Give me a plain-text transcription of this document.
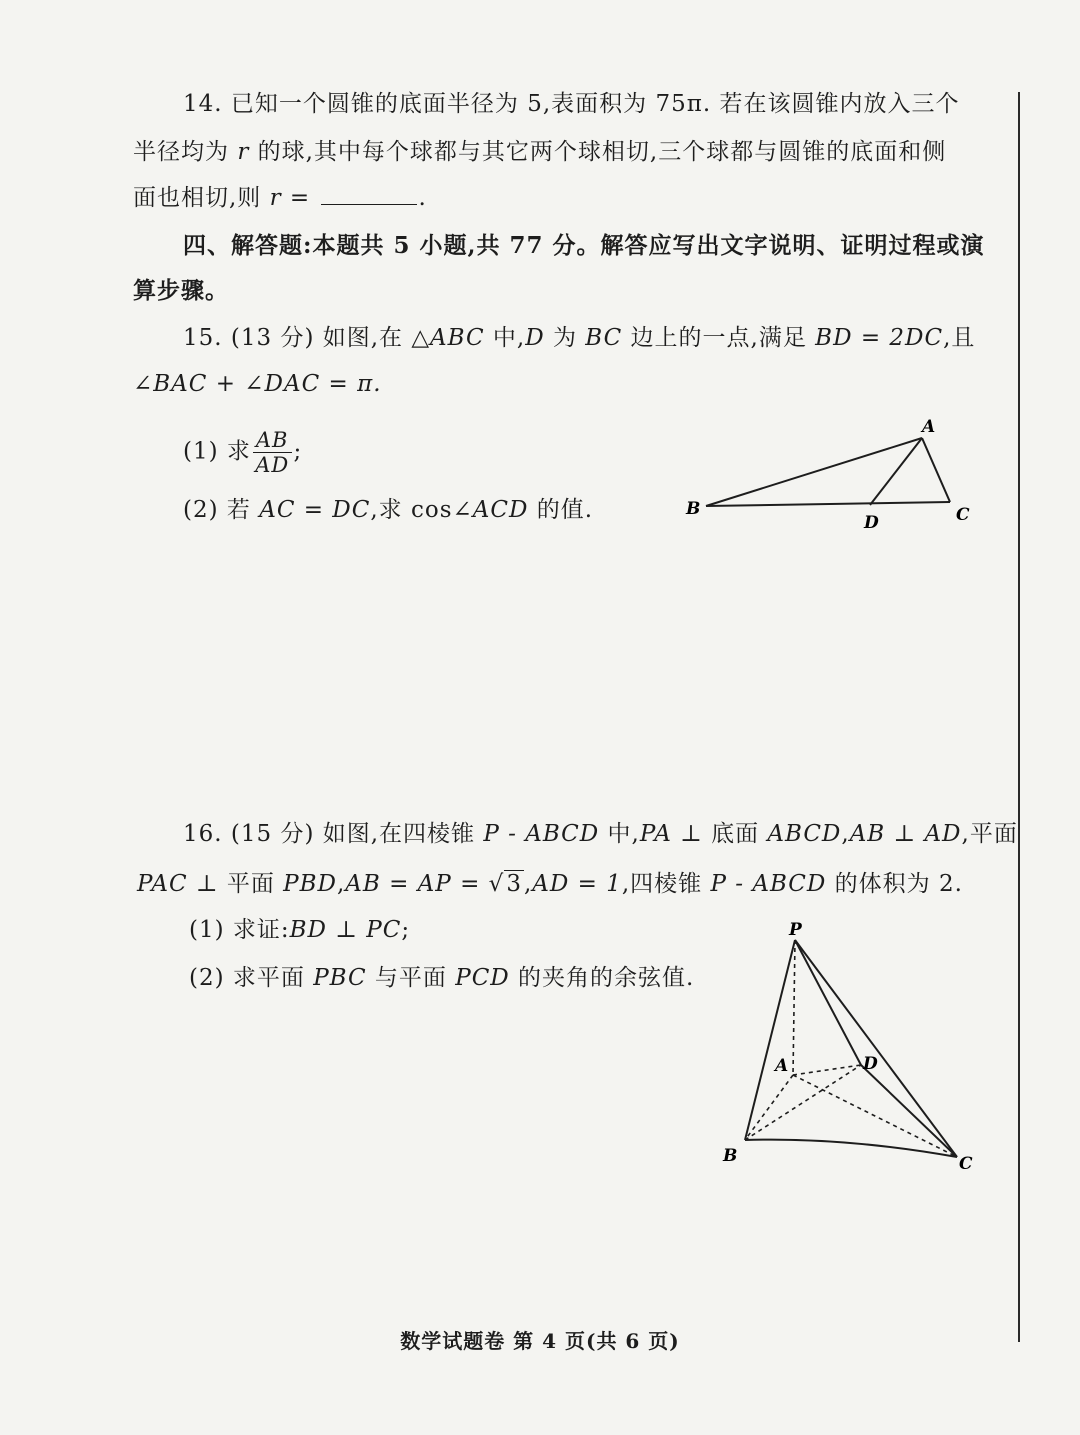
14. 已知一个圆锥的底面半径为 5,表面积为 75π. 若在该圆锥内放入三个
半径均为 r 的球,其中每个球都与其它两个球相切,三个球都与圆锥的底面和侧
面也相切,则 r =	.
四、解答题:本题共 5 小题,共 77 分。解答应写出文字说明、证明过程或演
算步骤。
15. (13 分) 如图,在 △ABC 中,D 为 BC 边上的一点,满足 BD = 2DC,且
∠BAC + ∠DAC = π.
(1) 求 $\frac{AB}{AD}$ ;
(2) 若 AC = DC,求 cos∠ACD 的值.
A
B	C
D
16. (15 分) 如图,在四棱锥 P - ABCD 中,PA ⊥ 底面 ABCD,AB ⊥ AD,平面
PAC ⊥ 平面 PBD,AB = AP = √3,AD = 1,四棱锥 P - ABCD 的体积为 2.
(1) 求证:BD ⊥ PC;
(2) 求平面 PBC 与平面 PCD 的夹角的余弦值.
P
A	D
B	C
数学试题卷 第 4 页(共 6 页)
